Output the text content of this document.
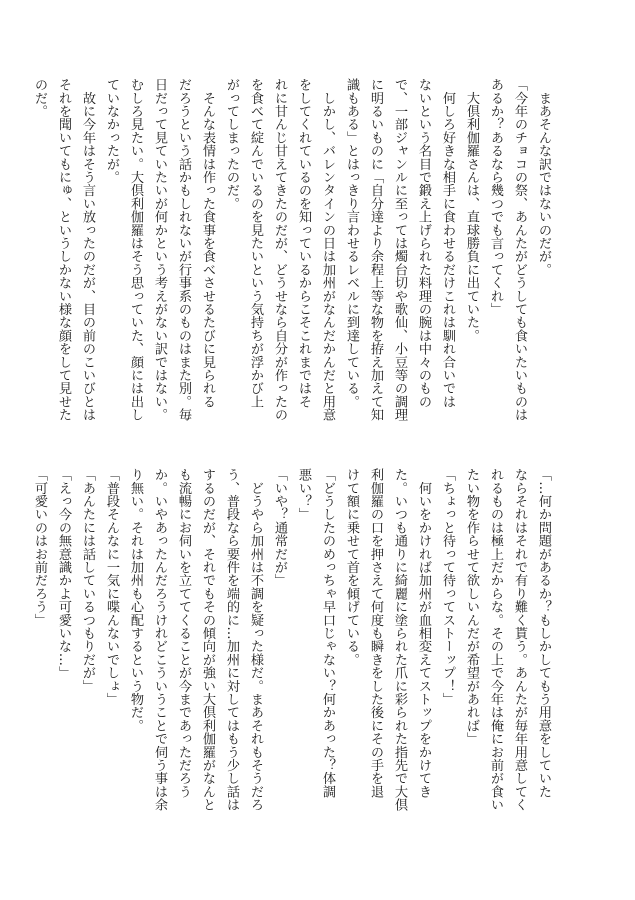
　まあそんな訳ではないのだが。
「今年のチョコの祭、あんたがどうしても食いたいものは
あるか？あるなら幾つでも言ってくれ」
　大倶利伽羅さんは、直球勝負に出ていた。
　何しろ好きな相手に食わせるだけこれは馴れ合いでは
ないという名目で鍛え上げられた料理の腕は中々のもの
で、一部ジャンルに至っては燭台切や歌仙、小豆等の調理
に明るいものに「自分達より余程上等な物を拵え加えて知
識もある」とはっきり言わせるレベルに到達している。
　しかし、バレンタインの日は加州がなんだかんだと用意
をしてくれているのを知っているからこそこれまではそ
れに甘んじ甘えてきたのだが、どうせなら自分が作ったの
を食べて綻んでいるのを見たいという気持ちが浮かび上
がってしまったのだ。
　そんな表情は作った食事を食べさせるたびに見られる
だろうという話かもしれないが行事系のものはまた別。毎
日だって見ていたいが何かという考えがない訳ではない。
むしろ見たい。大倶利伽羅はそう思っていた、顔には出し
ていなかったが。
　故に今年はそう言い放ったのだが、目の前のこいびとは
それを聞いてもにゅ、というしかない様な顔をして見せた
のだ。
「…何か問題があるか？もしかしてもう用意をしていた
ならそれはそれで有り難く貰う。あんたが毎年用意してく
れるものは極上だからな。その上で今年は俺にお前が食い
たい物を作らせて欲しいんだが希望があれば」
「ちょっと待って待ってストーップ！」
　何いをかければ加州が血相変えてストップをかけてき
た。いつも通りに綺麗に塗られた爪に彩られた指先で大倶
利伽羅の口を押さえて何度も瞬きをした後にその手を退
けて額に乗せて首を傾げている。
「どうしたのめっちゃ早口じゃない？何かあった？体調
悪い？」
「いや？通常だが」
　どうやら加州は不調を疑った様だ。まあそれもそうだろ
う、普段なら要件を端的に…加州に対してはもう少し話は
するのだが、それでもその傾向が強い大倶利伽羅がなんと
も流暢にお伺いを立ててくることが今まであっただろう
か。いやあったんだろうけれどこういうことで伺う事は余
り無い。それは加州も心配するという物だ。
「普段そんなに一気に喋んないでしょ」
「あんたには話しているつもりだが」
「えっ今の無意識かよ可愛いな…」
「可愛いのはお前だろう」
